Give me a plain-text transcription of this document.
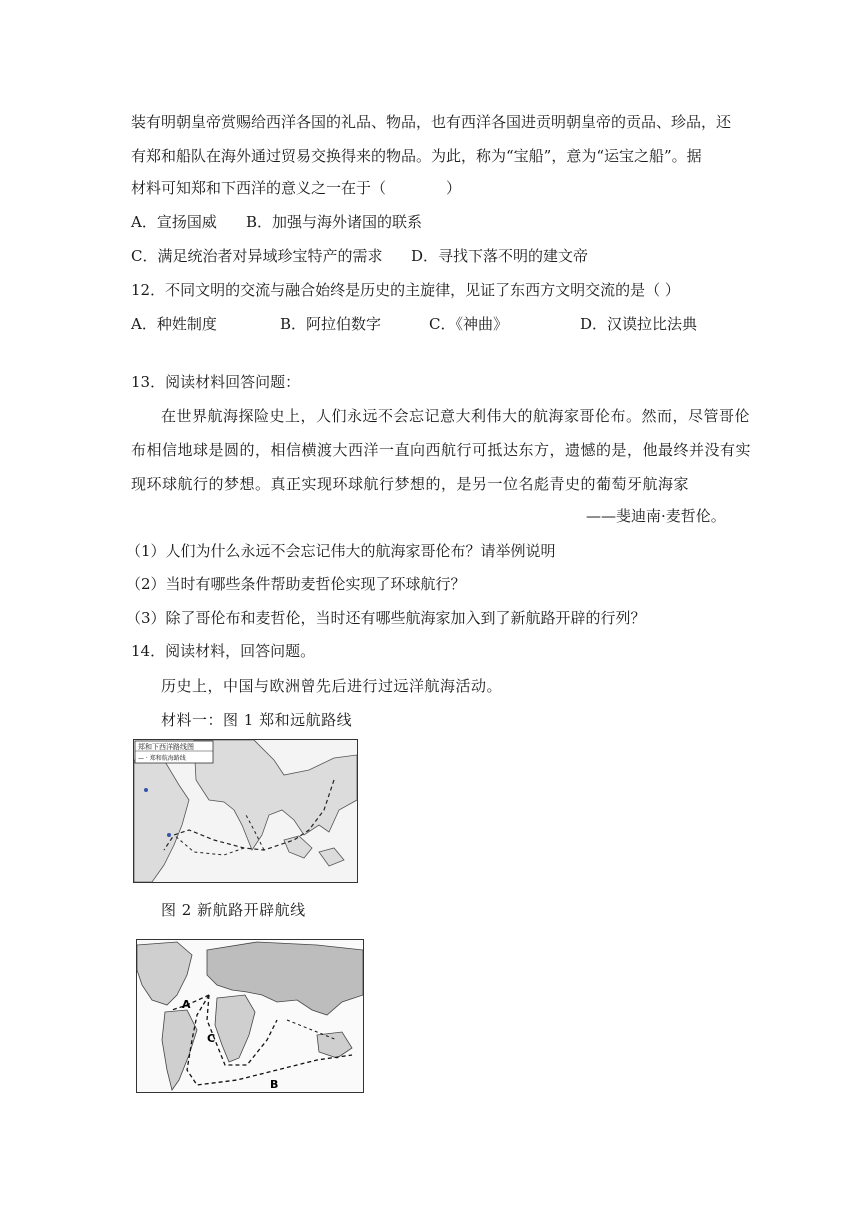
装有明朝皇帝赏赐给西洋各国的礼品、物品，也有西洋各国进贡明朝皇帝的贡品、珍品，还
有郑和船队在海外通过贸易交换得来的物品。为此，称为“宝船”，意为“运宝之船”。据
材料可知郑和下西洋的意义之一在于（　　　　）
A．宣扬国威 B．加强与海外诸国的联系
C．满足统治者对异域珍宝特产的需求 D．寻找下落不明的建文帝
12．不同文明的交流与融合始终是历史的主旋律，见证了东西方文明交流的是（ ）
A．种姓制度	B．阿拉伯数字	C．《神曲》	D．汉谟拉比法典
13．阅读材料回答问题：
在世界航海探险史上，人们永远不会忘记意大利伟大的航海家哥伦布。然而，尽管哥伦
布相信地球是圆的，相信横渡大西洋一直向西航行可抵达东方，遗憾的是，他最终并没有实
现环球航行的梦想。真正实现环球航行梦想的，是另一位名彪青史的葡萄牙航海家
——斐迪南·麦哲伦。
（1）人们为什么永远不会忘记伟大的航海家哥伦布？请举例说明
（2）当时有哪些条件帮助麦哲伦实现了环球航行？
（3）除了哥伦布和麦哲伦，当时还有哪些航海家加入到了新航路开辟的行列？
14．阅读材料，回答问题。
历史上，中国与欧洲曾先后进行过远洋航海活动。
材料一：图 1 郑和远航路线
郑和下西洋路线图
— · 郑和航海路线
图 2 新航路开辟航线
A
B
C
